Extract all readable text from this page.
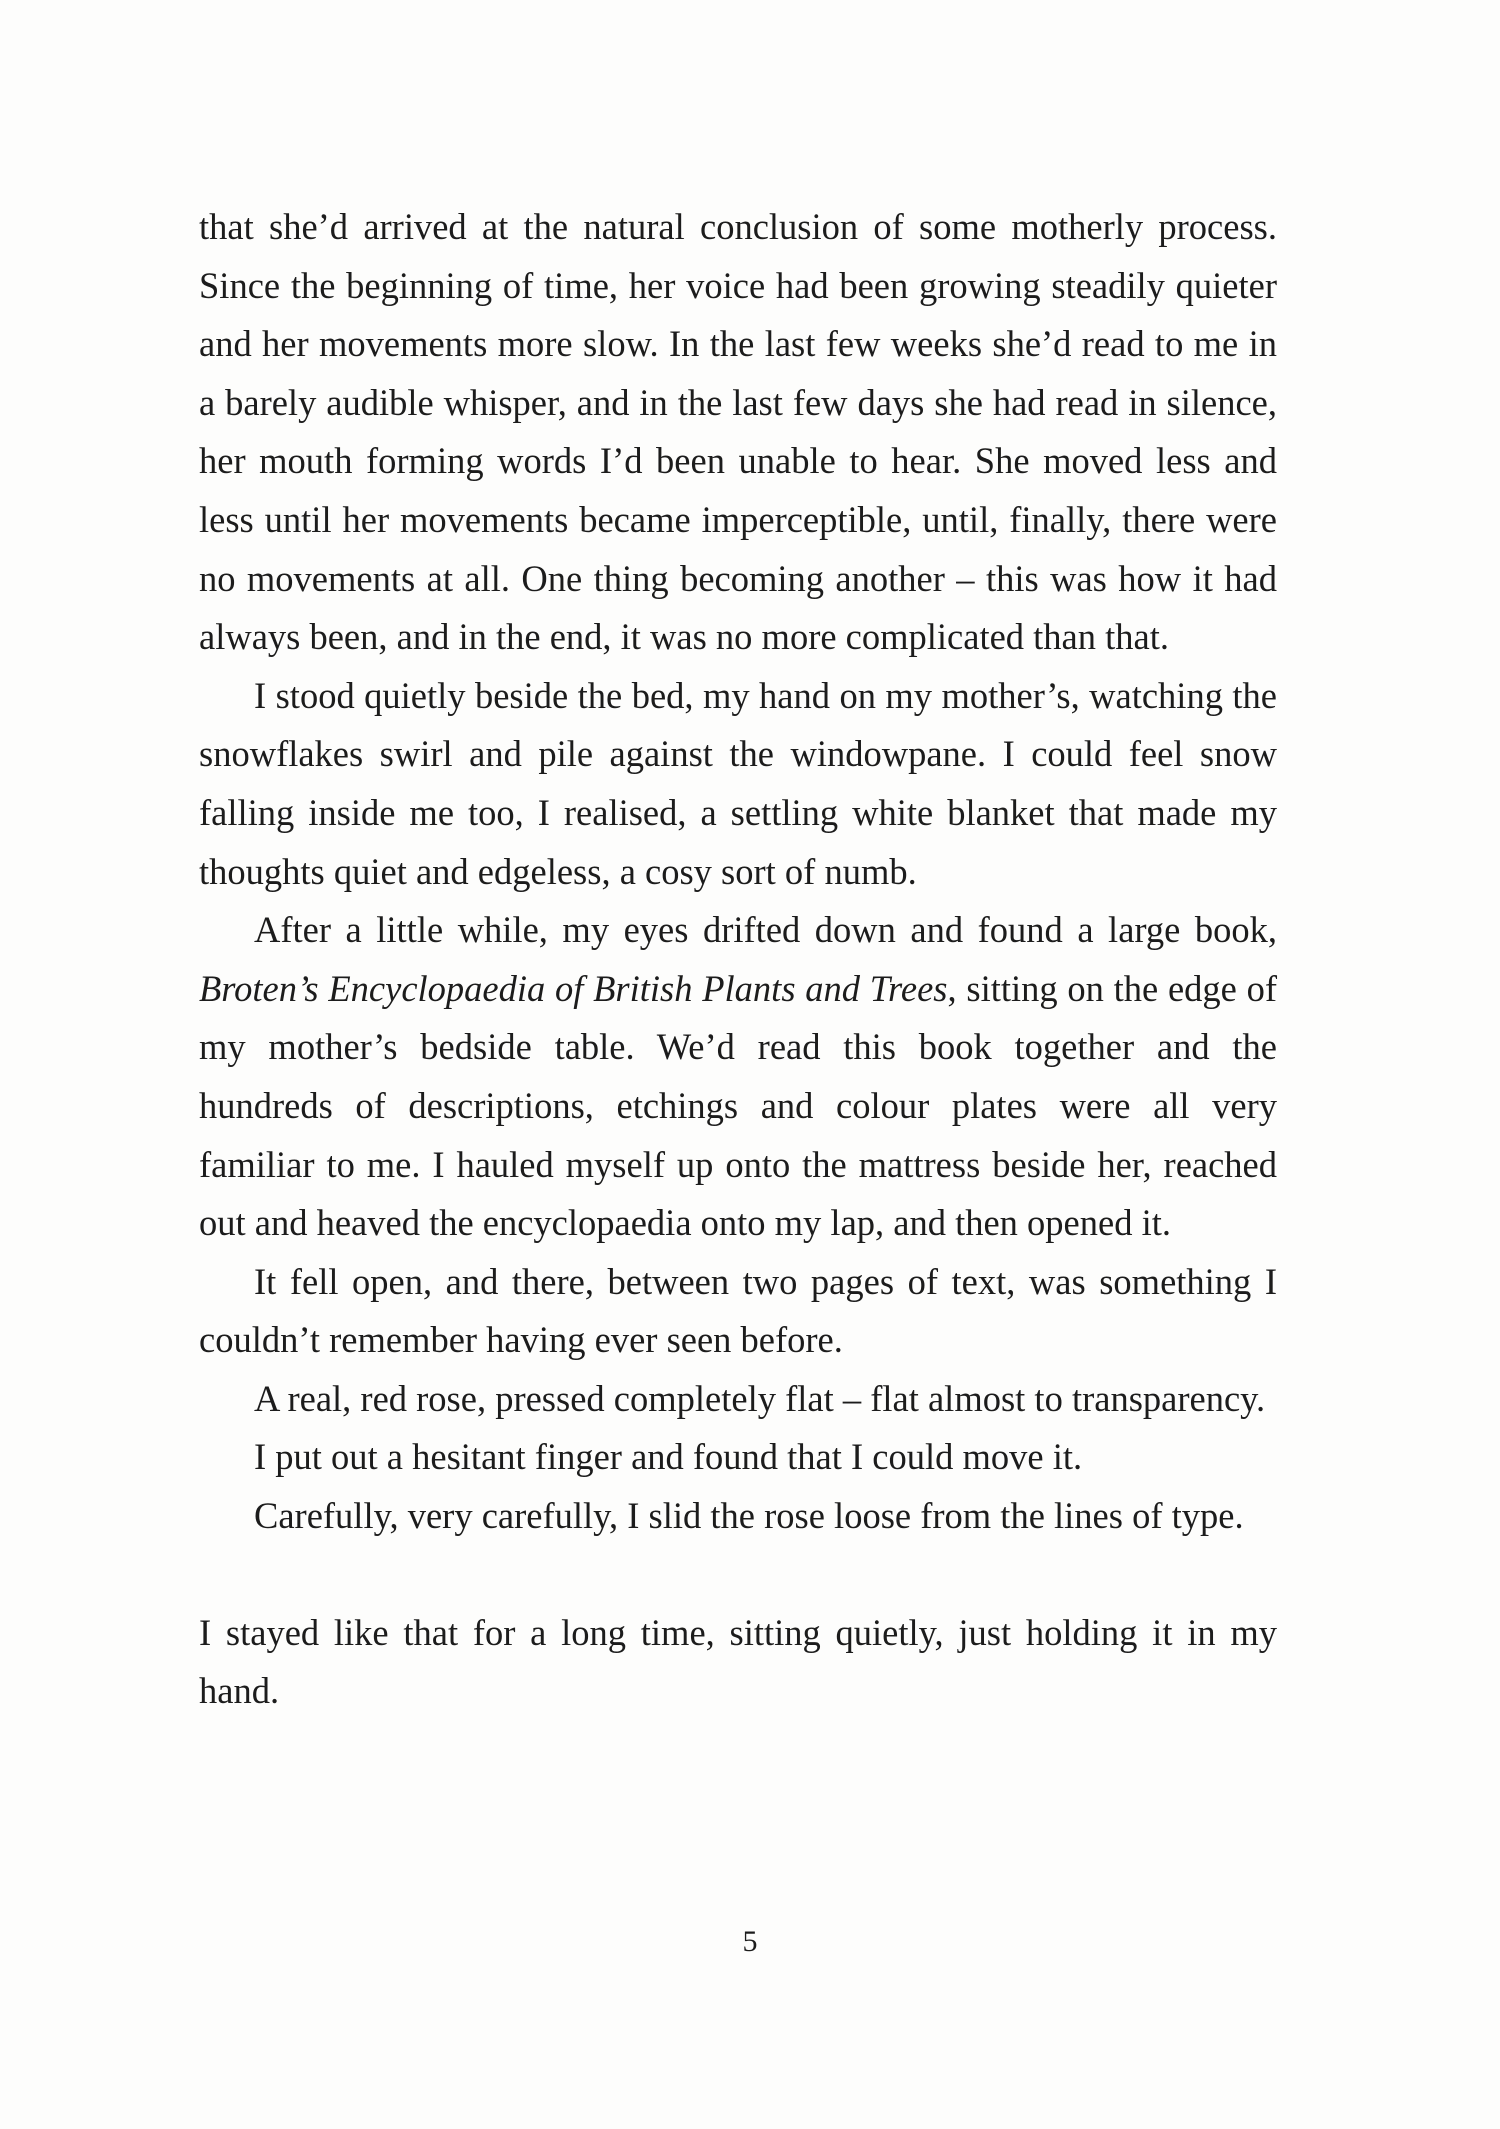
that she’d arrived at the natural conclusion of some motherly process. Since the beginning of time, her voice had been growing steadily quieter and her movements more slow. In the last few weeks she’d read to me in a barely audible whisper, and in the last few days she had read in silence, her mouth forming words I’d been unable to hear. She moved less and less until her movements became imperceptible, until, finally, there were no movements at all. One thing becoming another – this was how it had always been, and in the end, it was no more complicated than that.

I stood quietly beside the bed, my hand on my mother’s, watching the snowflakes swirl and pile against the windowpane. I could feel snow falling inside me too, I realised, a settling white blanket that made my thoughts quiet and edgeless, a cosy sort of numb.

After a little while, my eyes drifted down and found a large book, Broten’s Encyclopaedia of British Plants and Trees, sitting on the edge of my mother’s bedside table. We’d read this book together and the hundreds of descriptions, etchings and colour plates were all very familiar to me. I hauled myself up onto the mattress beside her, reached out and heaved the encyclopaedia onto my lap, and then opened it.

It fell open, and there, between two pages of text, was something I couldn’t remember having ever seen before.

A real, red rose, pressed completely flat – flat almost to transparency.

I put out a hesitant finger and found that I could move it.

Carefully, very carefully, I slid the rose loose from the lines of type.

I stayed like that for a long time, sitting quietly, just holding it in my hand.

5
